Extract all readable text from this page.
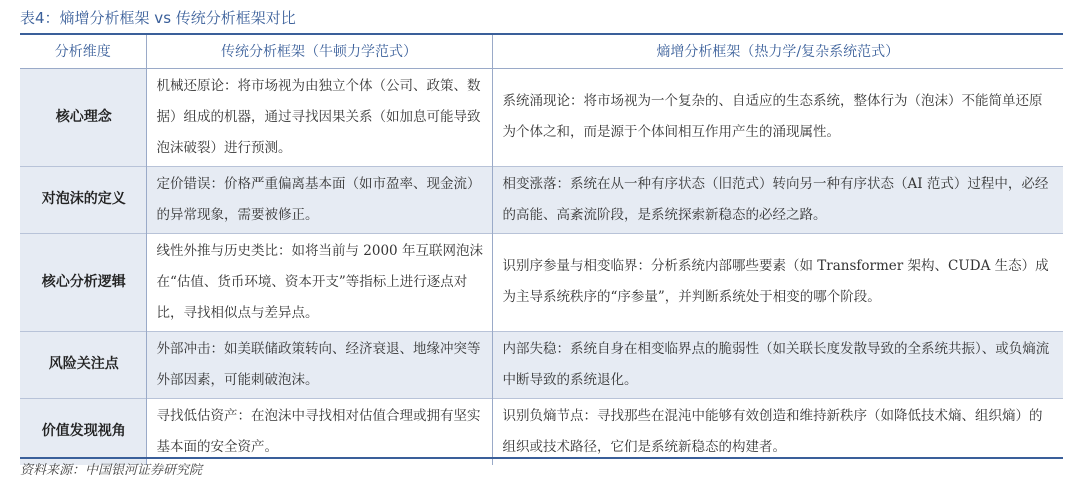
表4：熵增分析框架 vs 传统分析框架对比
分析维度	传统分析框架（牛顿力学范式）	熵增分析框架（热力学/复杂系统范式）
核心理念	机械还原论：将市场视为由独立个体（公司、政策、数据）组成的机器，通过寻找因果关系（如加息可能导致泡沫破裂）进行预测。	系统涌现论：将市场视为一个复杂的、自适应的生态系统，整体行为（泡沫）不能简单还原为个体之和，而是源于个体间相互作用产生的涌现属性。
对泡沫的定义	定价错误：价格严重偏离基本面（如市盈率、现金流）的异常现象，需要被修正。	相变涨落：系统在从一种有序状态（旧范式）转向另一种有序状态（AI 范式）过程中，必经的高能、高紊流阶段，是系统探索新稳态的必经之路。
核心分析逻辑	线性外推与历史类比：如将当前与 2000 年互联网泡沫在“估值、货币环境、资本开支”等指标上进行逐点对比，寻找相似点与差异点。	识别序参量与相变临界：分析系统内部哪些要素（如 Transformer 架构、CUDA 生态）成为主导系统秩序的“序参量”，并判断系统处于相变的哪个阶段。
风险关注点	外部冲击：如美联储政策转向、经济衰退、地缘冲突等外部因素，可能刺破泡沫。	内部失稳：系统自身在相变临界点的脆弱性（如关联长度发散导致的全系统共振）、或负熵流中断导致的系统退化。
价值发现视角	寻找低估资产：在泡沫中寻找相对估值合理或拥有坚实基本面的安全资产。	识别负熵节点：寻找那些在混沌中能够有效创造和维持新秩序（如降低技术熵、组织熵）的组织或技术路径，它们是系统新稳态的构建者。
资料来源：中国银河证券研究院
